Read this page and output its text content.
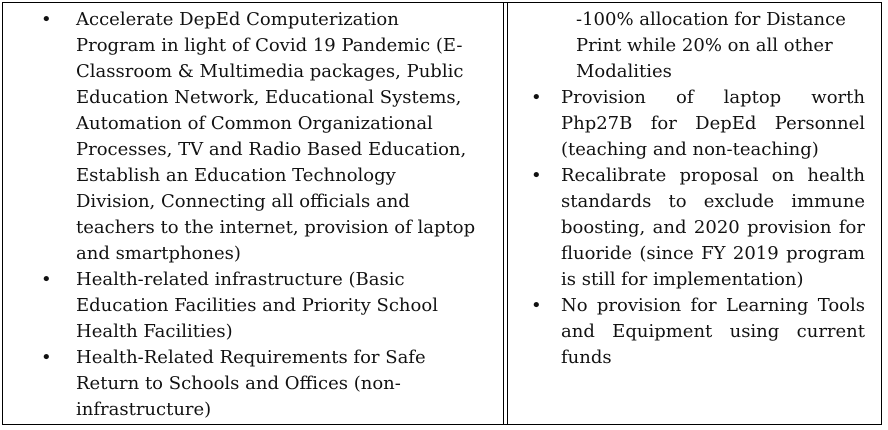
• Accelerate DepEd Computerization Program in light of Covid 19 Pandemic (E-Classroom & Multimedia packages, Public Education Network, Educational Systems, Automation of Common Organizational Processes, TV and Radio Based Education, Establish an Education Technology Division, Connecting all officials and teachers to the internet, provision of laptop and smartphones)
• Health-related infrastructure (Basic Education Facilities and Priority School Health Facilities)
• Health-Related Requirements for Safe Return to Schools and Offices (non-infrastructure)
-100% allocation for Distance Print while 20% on all other Modalities
• Provision of laptop worth Php27B for DepEd Personnel (teaching and non-teaching)
• Recalibrate proposal on health standards to exclude immune boosting, and 2020 provision for fluoride (since FY 2019 program is still for implementation)
• No provision for Learning Tools and Equipment using current funds
